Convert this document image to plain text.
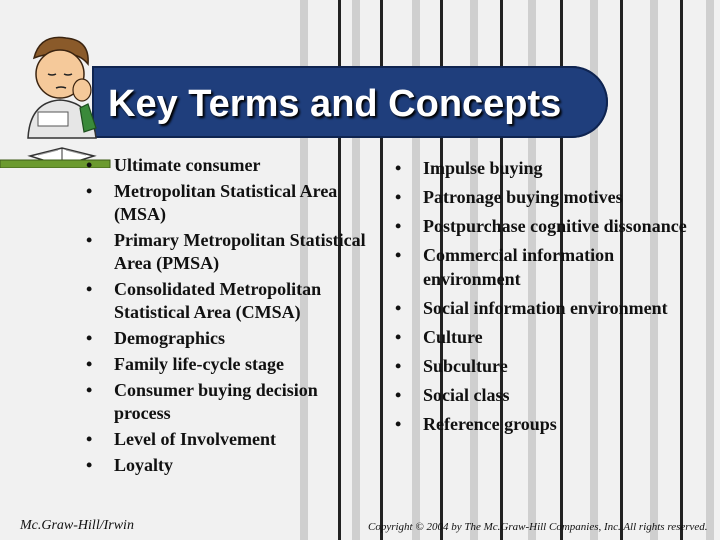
Key Terms and Concepts
• Ultimate consumer
• Metropolitan Statistical Area (MSA)
• Primary Metropolitan Statistical Area (PMSA)
• Consolidated Metropolitan Statistical Area (CMSA)
• Demographics
• Family life-cycle stage
• Consumer buying decision process
• Level of Involvement
• Loyalty
• Impulse buying
• Patronage buying motives
• Postpurchase cognitive dissonance
• Commercial information environment
• Social information environment
• Culture
• Subculture
• Social class
• Reference groups
Mc.Graw-Hill/Irwin	Copyright © 2004 by The Mc.Graw-Hill Companies, Inc. All rights reserved.
